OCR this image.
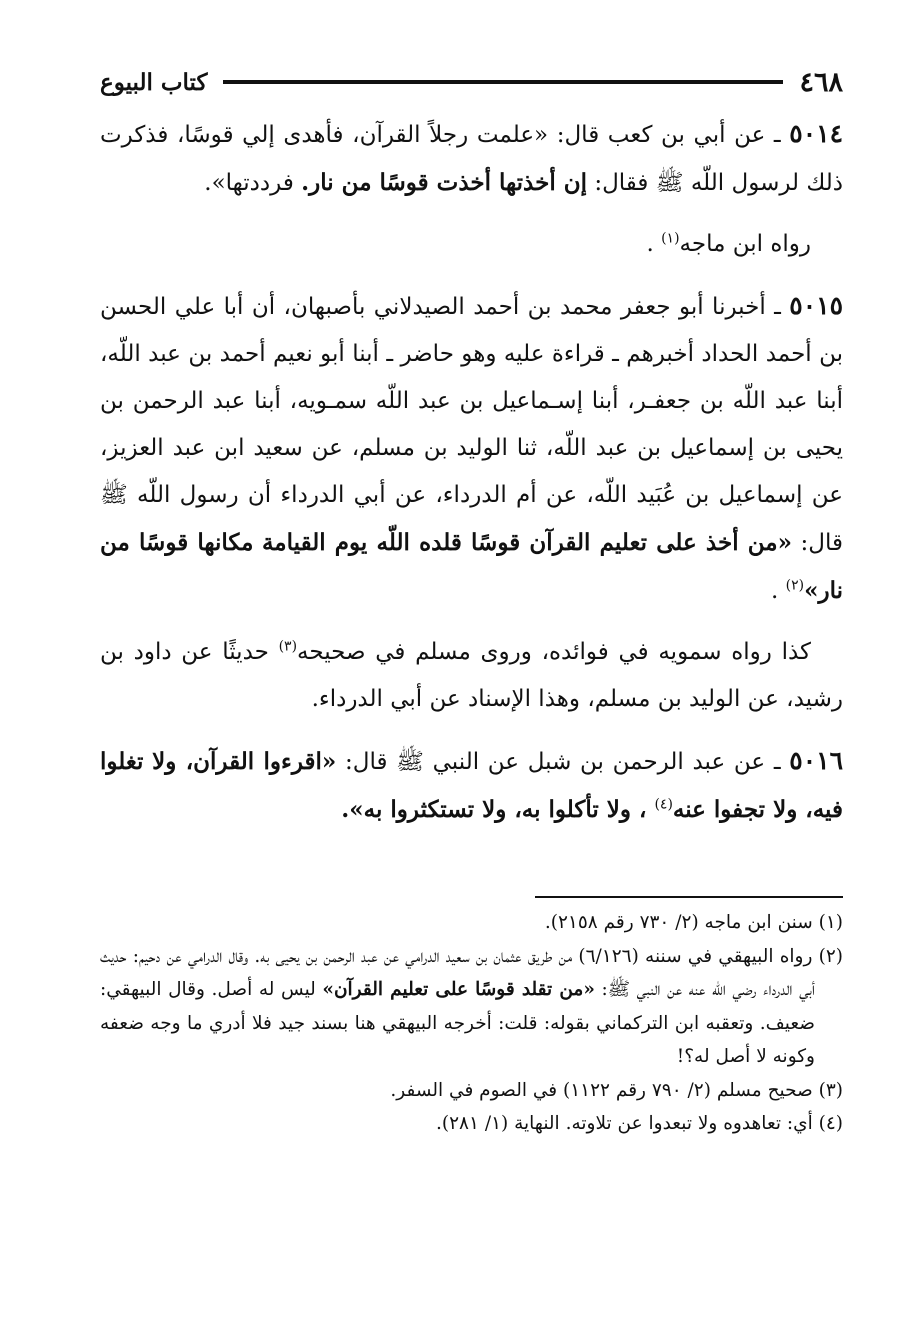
٤٦٨
كتاب البيوع

٥٠١٤ ـ عن أبي بن كعب قال: «علمت رجلاً القرآن، فأهدى إلي قوسًا، فذكرت ذلك لرسول اللّه ﷺ فقال: إن أخذتها أخذت قوسًا من نار. فرددتها».

رواه ابن ماجه$^{(١)}$ .

٥٠١٥ ـ أخبرنا أبو جعفر محمد بن أحمد الصيدلاني بأصبهان، أن أبا علي الحسن بن أحمد الحداد أخبرهم ـ قراءة عليه وهو حاضر ـ أبنا أبو نعيم أحمد بن عبد اللّه، أبنا عبد اللّه بن جعفـر، أبنا إسـماعيل بن عبد اللّه سمـويه، أبنا عبد الرحمن بن يحيى بن إسماعيل بن عبد اللّه، ثنا الوليد بن مسلم، عن سعيد ابن عبد العزيز، عن إسماعيل بن عُبَيد اللّه، عن أم الدرداء، عن أبي الدرداء أن رسول اللّه ﷺ قال: «من أخذ على تعليم القرآن قوسًا قلده اللّه يوم القيامة مكانها قوسًا من نار»$^{(٢)}$ .

كذا رواه سمويه في فوائده، وروى مسلم في صحيحه$^{(٣)}$ حديثًا عن داود بن رشيد، عن الوليد بن مسلم، وهذا الإسناد عن أبي الدرداء.

٥٠١٦ ـ عن عبد الرحمن بن شبل عن النبي ﷺ قال: «اقرءوا القرآن، ولا تغلوا فيه، ولا تجفوا عنه$^{(٤)}$ ، ولا تأكلوا به، ولا تستكثروا به».

(١) سنن ابن ماجه (٢/ ٧٣٠ رقم ٢١٥٨).

(٢) رواه البيهقي في سننه (٦/١٢٦) من طريق عثمان بن سعيد الدرامي عن عبد الرحمن بن يحيى به. وقال الدرامي عن دحيم: حديث أبي الدرداء رضي الله عنه عن النبي ﷺ: «من تقلد قوسًا على تعليم القرآن» ليس له أصل. وقال البيهقي: ضعيف. وتعقبه ابن التركماني بقوله: قلت: أخرجه البيهقي هنا بسند جيد فلا أدري ما وجه ضعفه وكونه لا أصل له؟!

(٣) صحيح مسلم (٢/ ٧٩٠ رقم ١١٢٢) في الصوم في السفر.

(٤) أي: تعاهدوه ولا تبعدوا عن تلاوته. النهاية (١/ ٢٨١).
